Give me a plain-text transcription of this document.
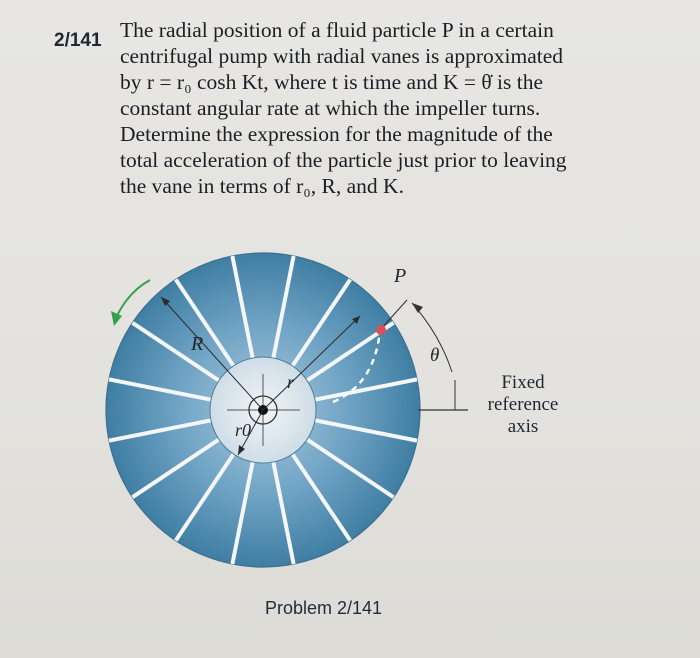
2/141 The radial position of a fluid particle P in a certain
centrifugal pump with radial vanes is approximated
by r = r₀ cosh Kt, where t is time and K = θ̇ is the
constant angular rate at which the impeller turns.
Determine the expression for the magnitude of the
total acceleration of the particle just prior to leaving
the vane in terms of r₀, R, and K.
P
R
r
r0
θ
Fixed
reference
axis
Problem 2/141
